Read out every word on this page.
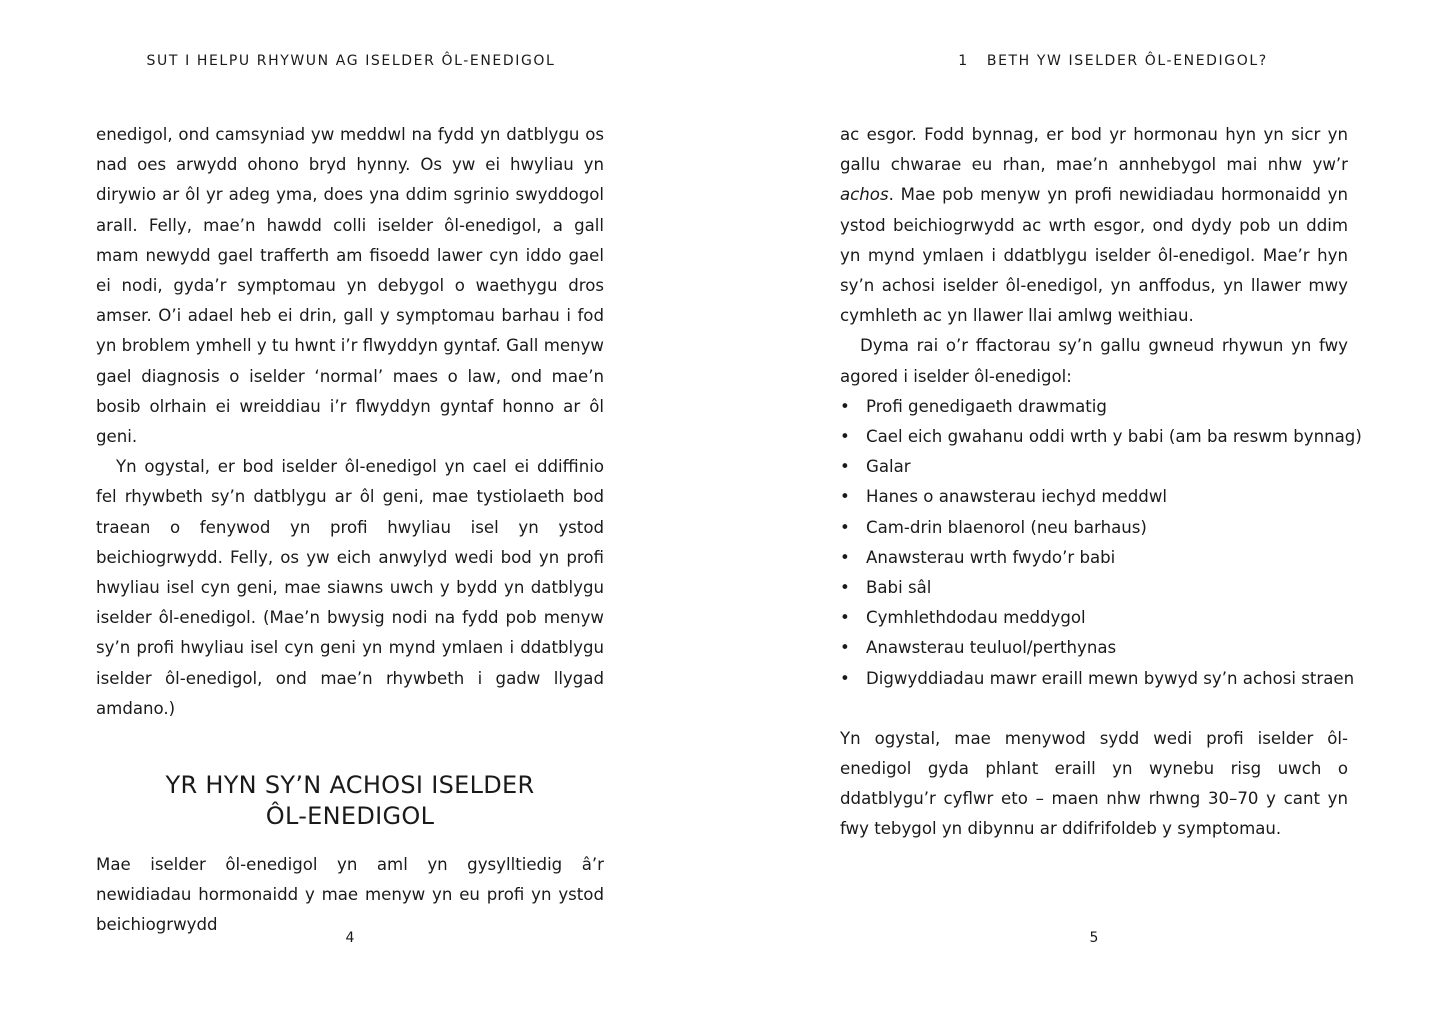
SUT I HELPU RHYWUN AG ISELDER ÔL-ENEDIGOL

enedigol, ond camsyniad yw meddwl na fydd yn datblygu os nad oes arwydd ohono bryd hynny. Os yw ei hwyliau yn dirywio ar ôl yr adeg yma, does yna ddim sgrinio swyddogol arall. Felly, mae’n hawdd colli iselder ôl-enedigol, a gall mam newydd gael trafferth am fisoedd lawer cyn iddo gael ei nodi, gyda’r symptomau yn debygol o waethygu dros amser. O’i adael heb ei drin, gall y symptomau barhau i fod yn broblem ymhell y tu hwnt i’r flwyddyn gyntaf. Gall menyw gael diagnosis o iselder ‘normal’ maes o law, ond mae’n bosib olrhain ei wreiddiau i’r flwyddyn gyntaf honno ar ôl geni.

Yn ogystal, er bod iselder ôl-enedigol yn cael ei ddiffinio fel rhywbeth sy’n datblygu ar ôl geni, mae tystiolaeth bod traean o fenywod yn profi hwyliau isel yn ystod beichiogrwydd. Felly, os yw eich anwylyd wedi bod yn profi hwyliau isel cyn geni, mae siawns uwch y bydd yn datblygu iselder ôl-enedigol. (Mae’n bwysig nodi na fydd pob menyw sy’n profi hwyliau isel cyn geni yn mynd ymlaen i ddatblygu iselder ôl-enedigol, ond mae’n rhywbeth i gadw llygad amdano.)

YR HYN SY’N ACHOSI ISELDER
ÔL-ENEDIGOL

Mae iselder ôl-enedigol yn aml yn gysylltiedig â’r newidiadau hormonaidd y mae menyw yn eu profi yn ystod beichiogrwydd

4
1   BETH YW ISELDER ÔL-ENEDIGOL?

ac esgor. Fodd bynnag, er bod yr hormonau hyn yn sicr yn gallu chwarae eu rhan, mae’n annhebygol mai nhw yw’r achos. Mae pob menyw yn profi newidiadau hormonaidd yn ystod beichiogrwydd ac wrth esgor, ond dydy pob un ddim yn mynd ymlaen i ddatblygu iselder ôl-enedigol. Mae’r hyn sy’n achosi iselder ôl-enedigol, yn anffodus, yn llawer mwy cymhleth ac yn llawer llai amlwg weithiau.

Dyma rai o’r ffactorau sy’n gallu gwneud rhywun yn fwy agored i iselder ôl-enedigol:

• Profi genedigaeth drawmatig
• Cael eich gwahanu oddi wrth y babi (am ba reswm bynnag)
• Galar
• Hanes o anawsterau iechyd meddwl
• Cam-drin blaenorol (neu barhaus)
• Anawsterau wrth fwydo’r babi
• Babi sâl
• Cymhlethdodau meddygol
• Anawsterau teuluol/perthynas
• Digwyddiadau mawr eraill mewn bywyd sy’n achosi straen

Yn ogystal, mae menywod sydd wedi profi iselder ôl-enedigol gyda phlant eraill yn wynebu risg uwch o ddatblygu’r cyflwr eto – maen nhw rhwng 30–70 y cant yn fwy tebygol yn dibynnu ar ddifrifoldeb y symptomau.

5
